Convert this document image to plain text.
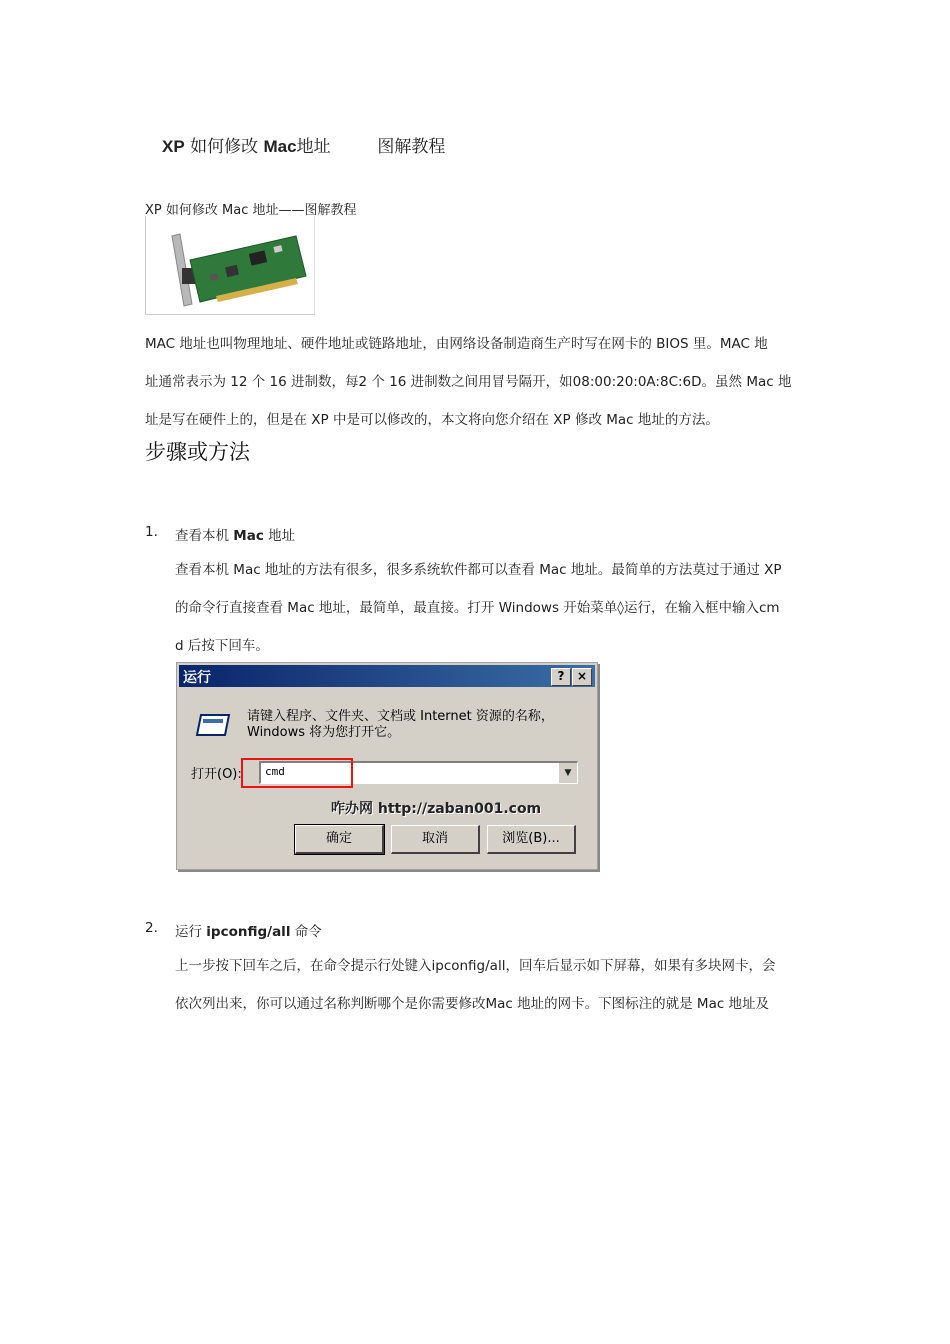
XP 如何修改 Mac地址	图解教程
XP 如何修改 Mac 地址——图解教程
MAC 地址也叫物理地址、硬件地址或链路地址，由网络设备制造商生产时写在网卡的 BIOS 里。MAC 地
址通常表示为 12 个 16 进制数，每2 个 16 进制数之间用冒号隔开，如08:00:20:0A:8C:6D。虽然 Mac 地
址是写在硬件上的，但是在 XP 中是可以修改的，本文将向您介绍在 XP 修改 Mac 地址的方法。
步骤或方法
1. 查看本机 Mac 地址
查看本机 Mac 地址的方法有很多，很多系统软件都可以查看 Mac 地址。最简单的方法莫过于通过 XP
的命令行直接查看 Mac 地址，最简单，最直接。打开 Windows 开始菜单◊运行，在输入框中输入cm
d 后按下回车。
运行	?	×
请键入程序、文件夹、文档或 Internet 资源的名称，Windows 将为您打开它。
打开(O): cmd	▼
咋办网 http://zaban001.com
确定	取消	浏览(B)...
2. 运行 ipconfig/all 命令
上一步按下回车之后，在命令提示行处键入ipconfig/all，回车后显示如下屏幕，如果有多块网卡，会
依次列出来，你可以通过名称判断哪个是你需要修改Mac 地址的网卡。下图标注的就是 Mac 地址及
